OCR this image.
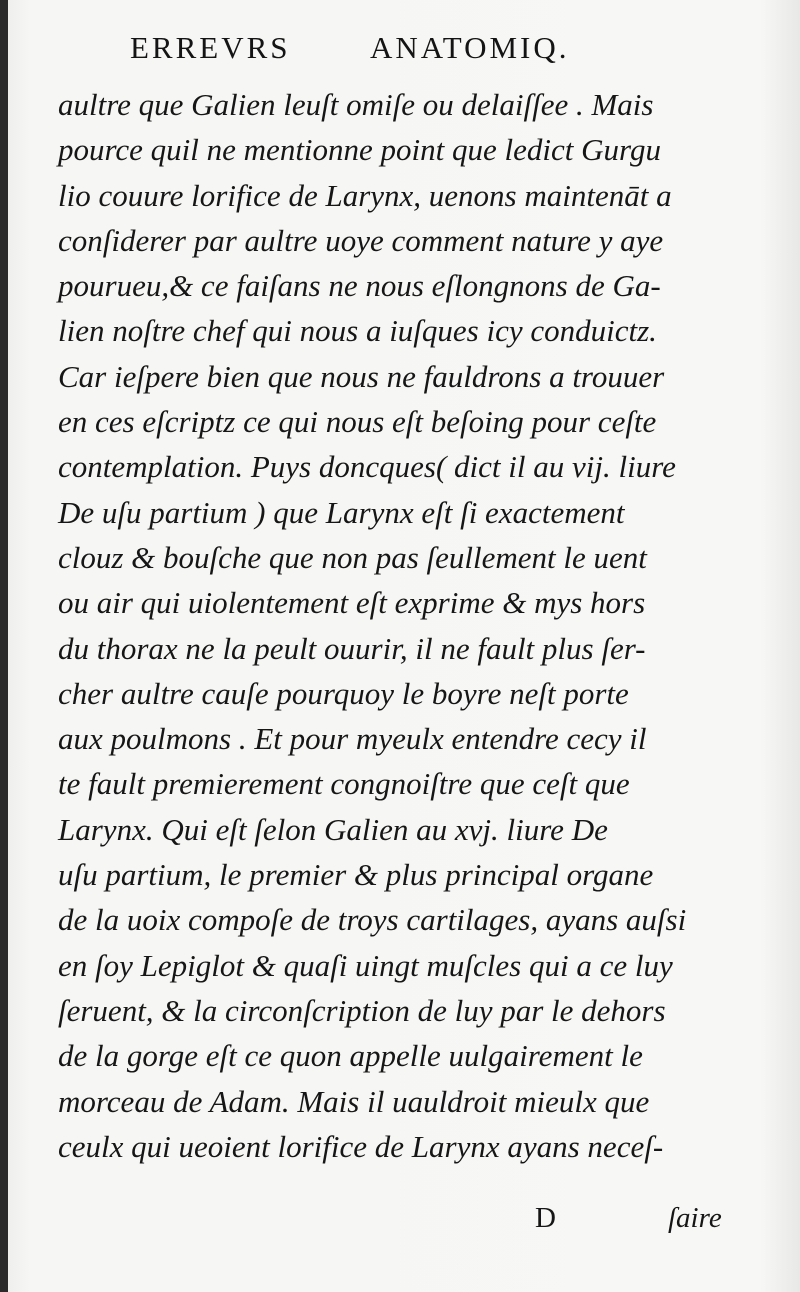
ERREVRS	ANATOMIQ.
aultre que Galien leuſt omiſe ou delaiſſee . Mais
pource quil ne mentionne point que ledict Gurgu
lio couure lorifice de Larynx, uenons maintenāt a
conſiderer par aultre uoye comment nature y aye
pourueu,& ce faiſans ne nous eſlongnons de Ga-
lien noſtre chef qui nous a iuſques icy conduictz.
Car ieſpere bien que nous ne fauldrons a trouuer
en ces eſcriptz ce qui nous eſt beſoing pour ceſte
contemplation. Puys doncques( dict il au vij. liure
De uſu partium ) que Larynx eſt ſi exactement
clouz & bouſche que non pas ſeullement le uent
ou air qui uiolentement eſt exprime & mys hors
du thorax ne la peult ouurir, il ne fault plus ſer-
cher aultre cauſe pourquoy le boyre neſt porte
aux poulmons . Et pour myeulx entendre cecy il
te fault premierement congnoiſtre que ceſt que
Larynx. Qui eſt ſelon Galien au xvj. liure De
uſu partium, le premier & plus principal organe
de la uoix compoſe de troys cartilages, ayans auſsi
en ſoy Lepiglot & quaſi uingt muſcles qui a ce luy
ſeruent, & la circonſcription de luy par le dehors
de la gorge eſt ce quon appelle uulgairement le
morceau de Adam. Mais il uauldroit mieulx que
ceulx qui ueoient lorifice de Larynx ayans neceſ-
D	ſaire
